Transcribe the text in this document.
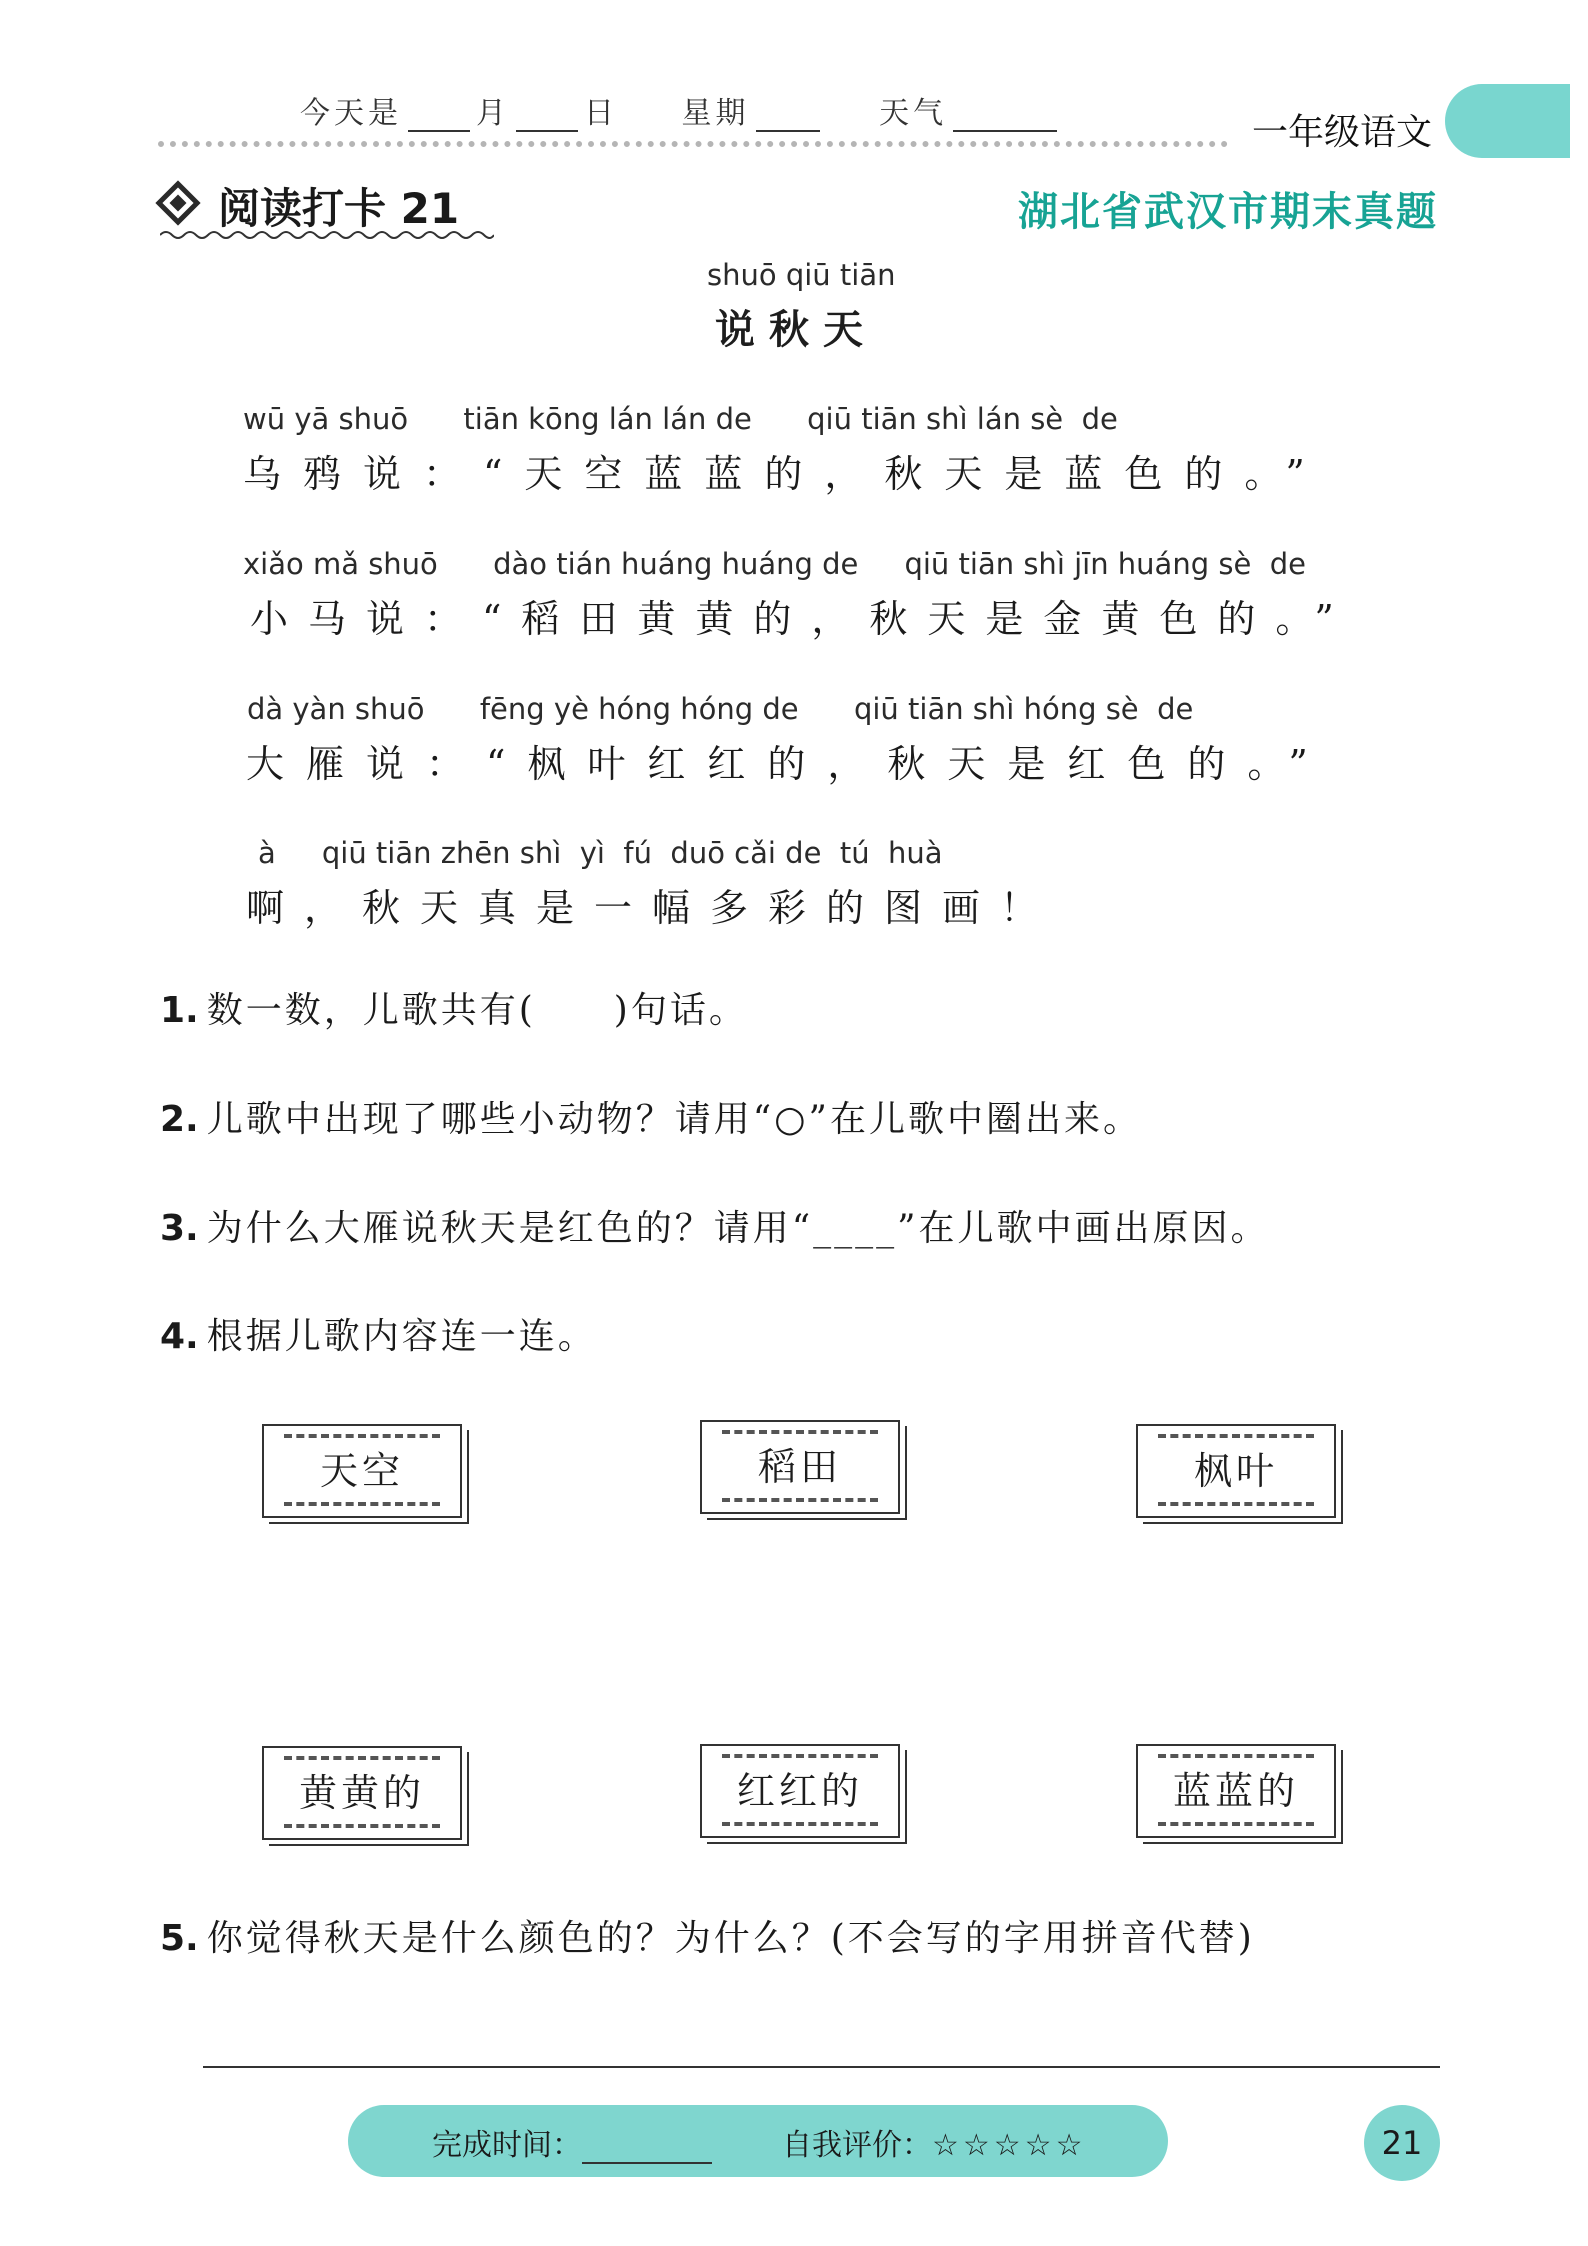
今天是 月 日 星期	天气	一年级语文
阅读打卡 21	湖北省武汉市期末真题
shuō qiū tiān
说秋天
wū yā shuō      tiān kōng lán lán de      qiū tiān shì lán sè  de
乌鸦说：“天空蓝蓝的，秋天是蓝色的。”
xiǎo mǎ shuō      dào tián huáng huáng de     qiū tiān shì jīn huáng sè  de
小马说：“稻田黄黄的，秋天是金黄色的。”
dà yàn shuō      fēng yè hóng hóng de      qiū tiān shì hóng sè  de
大雁说：“枫叶红红的，秋天是红色的。”
à     qiū tiān zhēn shì  yì  fú  duō cǎi de  tú  huà
啊，秋天真是一幅多彩的图画！
1. 数一数，儿歌共有(　　)句话。
2. 儿歌中出现了哪些小动物？请用“○”在儿歌中圈出来。
3. 为什么大雁说秋天是红色的？请用“____”在儿歌中画出原因。
4. 根据儿歌内容连一连。
天空	稻田	枫叶
黄黄的	红红的	蓝蓝的
5. 你觉得秋天是什么颜色的？为什么？(不会写的字用拼音代替)
完成时间：	自我评价：☆☆☆☆☆	21
